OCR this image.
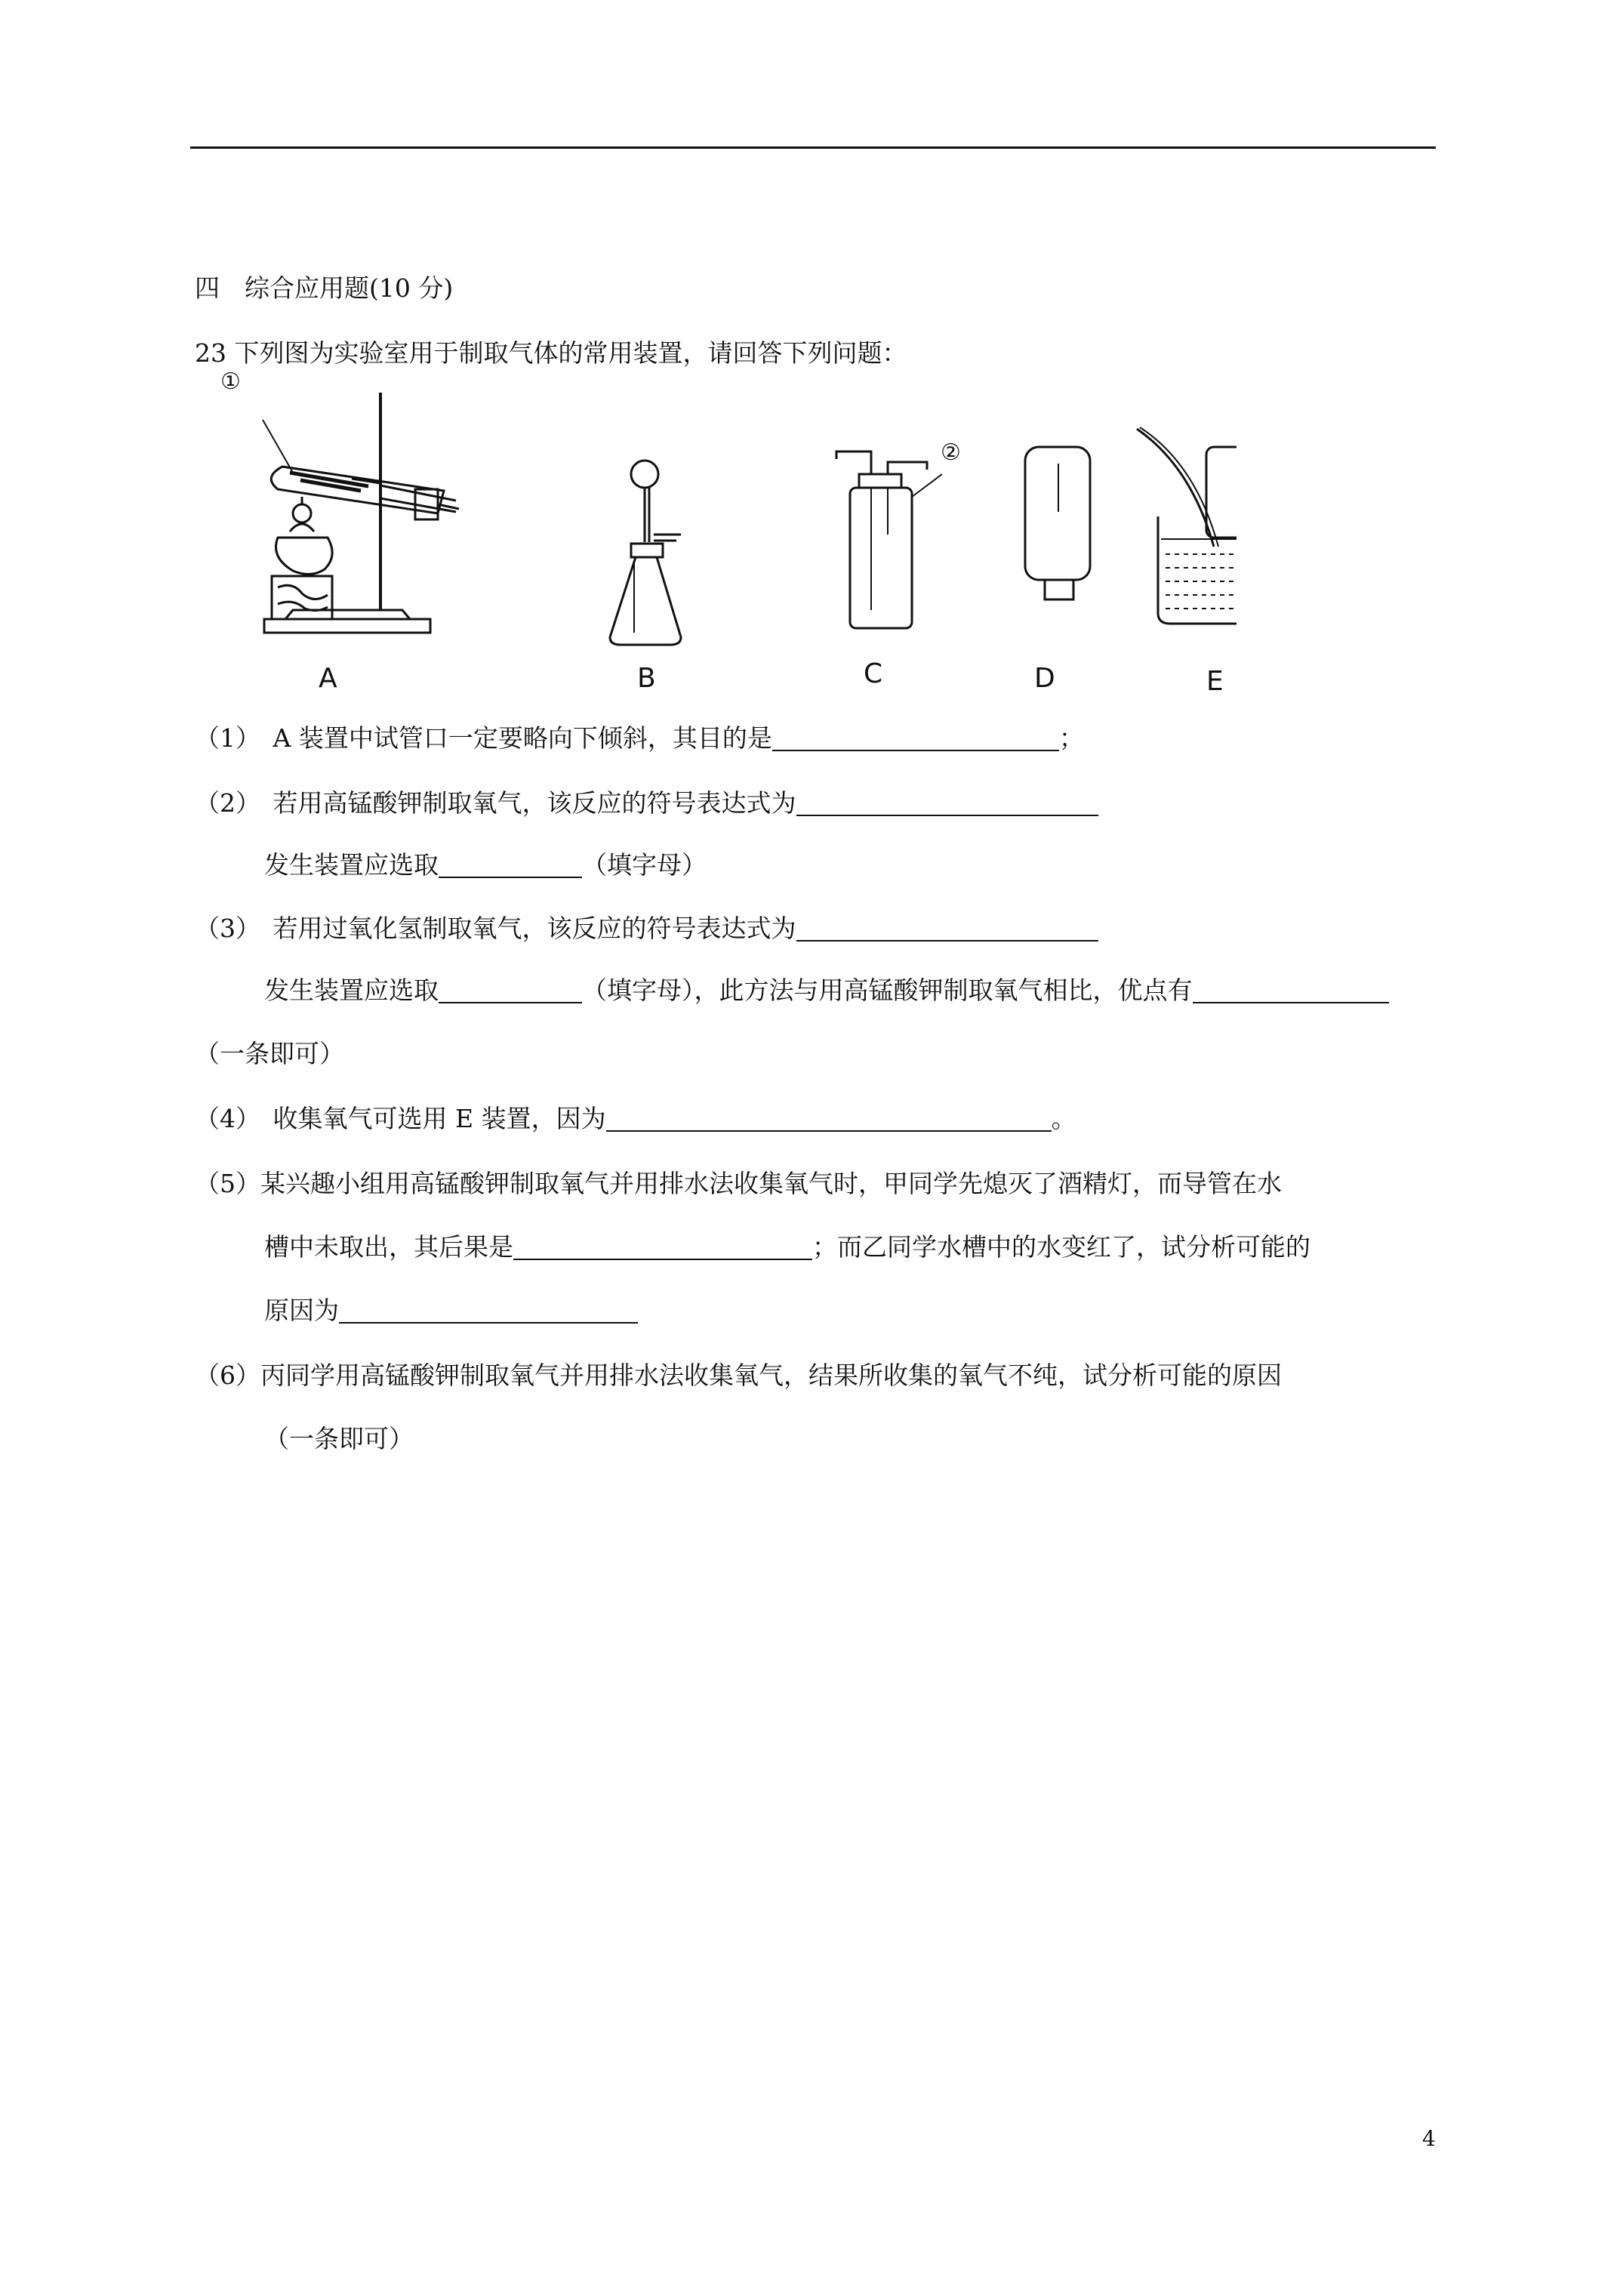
四　综合应用题(10 分)
23 下列图为实验室用于制取气体的常用装置，请回答下列问题：
①
②
A	B	C	D	E
（1）　A 装置中试管口一定要略向下倾斜，其目的是	；
（2）　若用高锰酸钾制取氧气，该反应的符号表达式为
发生装置应选取	（填字母）
（3）　若用过氧化氢制取氧气，该反应的符号表达式为
发生装置应选取	（填字母），此方法与用高锰酸钾制取氧气相比，优点有
（一条即可）
（4）　收集氧气可选用 E 装置，因为	。
（5）某兴趣小组用高锰酸钾制取氧气并用排水法收集氧气时，甲同学先熄灭了酒精灯，而导管在水
槽中未取出，其后果是	；而乙同学水槽中的水变红了，试分析可能的
原因为
（6）丙同学用高锰酸钾制取氧气并用排水法收集氧气，结果所收集的氧气不纯，试分析可能的原因
（一条即可）
4
